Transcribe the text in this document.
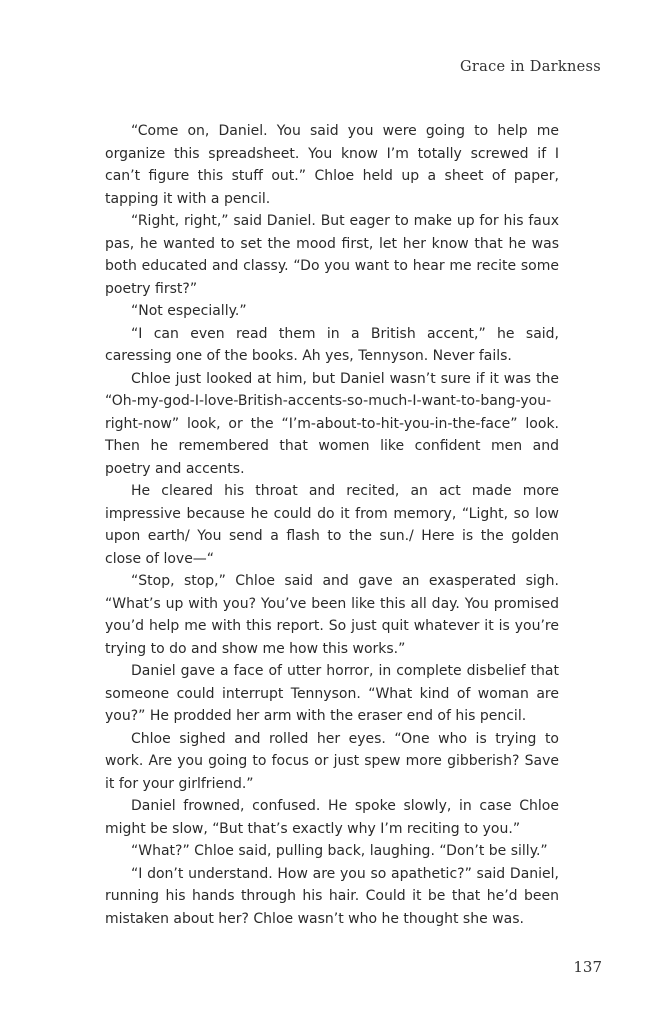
Grace in Darkness

“Come on, Daniel. You said you were going to help me organize this spreadsheet. You know I’m totally screwed if I can’t figure this stuff out.” Chloe held up a sheet of paper, tapping it with a pencil.

“Right, right,” said Daniel. But eager to make up for his faux pas, he wanted to set the mood first, let her know that he was both educated and classy. “Do you want to hear me recite some poetry first?”

“Not especially.”

“I can even read them in a British accent,” he said, caressing one of the books. Ah yes, Tennyson. Never fails.

Chloe just looked at him, but Daniel wasn’t sure if it was the “Oh-my-god-I-love-British-accents-so-much-I-want-to-bang-you-right-now” look, or the “I’m-about-to-hit-you-in-the-face” look. Then he remembered that women like confident men and poetry and accents.

He cleared his throat and recited, an act made more impressive because he could do it from memory, “Light, so low upon earth/ You send a flash to the sun./ Here is the golden close of love—“

“Stop, stop,” Chloe said and gave an exasperated sigh. “What’s up with you? You’ve been like this all day. You promised you’d help me with this report. So just quit whatever it is you’re trying to do and show me how this works.”

Daniel gave a face of utter horror, in complete disbelief that someone could interrupt Tennyson. “What kind of woman are you?” He prodded her arm with the eraser end of his pencil.

Chloe sighed and rolled her eyes. “One who is trying to work. Are you going to focus or just spew more gibberish? Save it for your girlfriend.”

Daniel frowned, confused. He spoke slowly, in case Chloe might be slow, “But that’s exactly why I’m reciting to you.”

“What?” Chloe said, pulling back, laughing. “Don’t be silly.”

“I don’t understand. How are you so apathetic?” said Daniel, running his hands through his hair. Could it be that he’d been mistaken about her? Chloe wasn’t who he thought she was.

137
